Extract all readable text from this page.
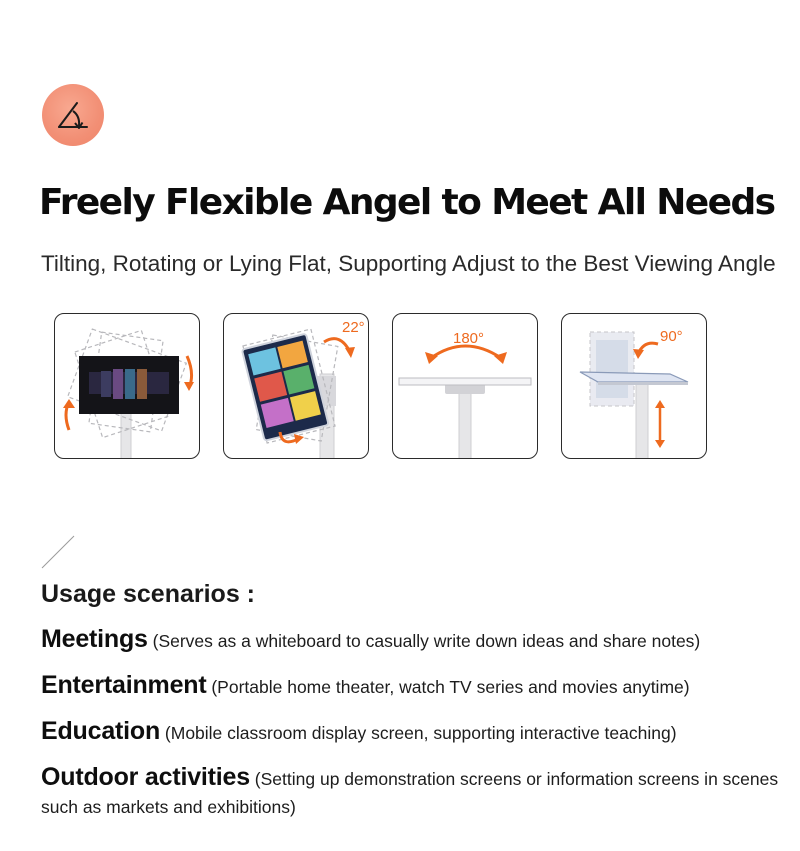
Freely Flexible Angel to Meet All Needs

Tilting, Rotating or Lying Flat, Supporting Adjust to the Best Viewing Angle

22°
180°	90°
Usage scenarios :

Meetings (Serves as a whiteboard to casually write down ideas and share notes)

Entertainment (Portable home theater, watch TV series and movies anytime)

Education (Mobile classroom display screen, supporting interactive teaching)

Outdoor activities (Setting up demonstration screens or information screens in scenes such as markets and exhibitions)
